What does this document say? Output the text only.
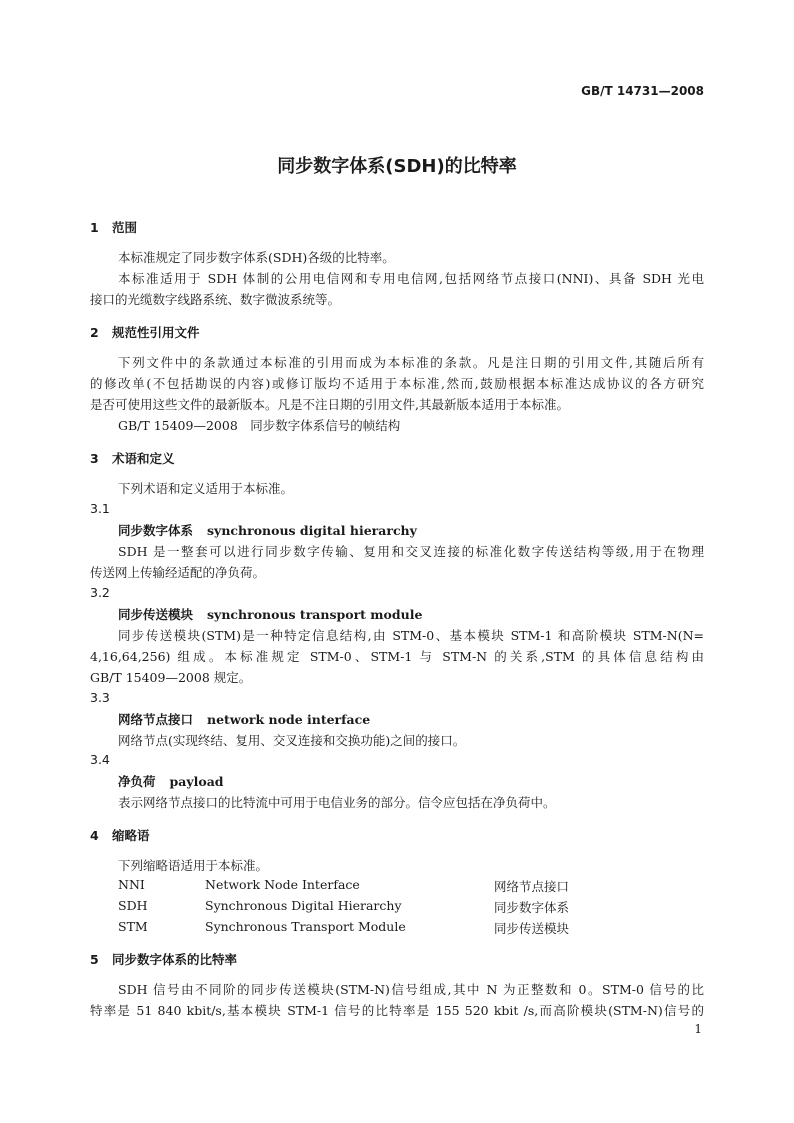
GB/T 14731—2008
同步数字体系(SDH)的比特率
1 范围
本标准规定了同步数字体系(SDH)各级的比特率。
本标准适用于 SDH 体制的公用电信网和专用电信网,包括网络节点接口(NNI)、具备 SDH 光电
接口的光缆数字线路系统、数字微波系统等。
2 规范性引用文件
下列文件中的条款通过本标准的引用而成为本标准的条款。凡是注日期的引用文件,其随后所有
的修改单(不包括勘误的内容)或修订版均不适用于本标准,然而,鼓励根据本标准达成协议的各方研究
是否可使用这些文件的最新版本。凡是不注日期的引用文件,其最新版本适用于本标准。
GB/T 15409—2008　同步数字体系信号的帧结构
3 术语和定义
下列术语和定义适用于本标准。
3.1
同步数字体系 synchronous digital hierarchy
SDH 是一整套可以进行同步数字传输、复用和交叉连接的标准化数字传送结构等级,用于在物理
传送网上传输经适配的净负荷。
3.2
同步传送模块 synchronous transport module
同步传送模块(STM)是一种特定信息结构,由 STM-0、基本模块 STM-1 和高阶模块 STM-N(N=
4,16,64,256) 组成。本标准规定 STM-0、STM-1 与 STM-N 的关系,STM 的具体信息结构由
GB/T 15409—2008 规定。
3.3
网络节点接口 network node interface
网络节点(实现终结、复用、交叉连接和交换功能)之间的接口。
3.4
净负荷 payload
表示网络节点接口的比特流中可用于电信业务的部分。信令应包括在净负荷中。
4 缩略语
下列缩略语适用于本标准。
NNI	Network Node Interface	网络节点接口
SDH	Synchronous Digital Hierarchy	同步数字体系
STM	Synchronous Transport Module	同步传送模块
5 同步数字体系的比特率
SDH 信号由不同阶的同步传送模块(STM-N)信号组成,其中 N 为正整数和 0。STM-0 信号的比
特率是 51 840 kbit/s,基本模块 STM-1 信号的比特率是 155 520 kbit /s,而高阶模块(STM-N)信号的
1
